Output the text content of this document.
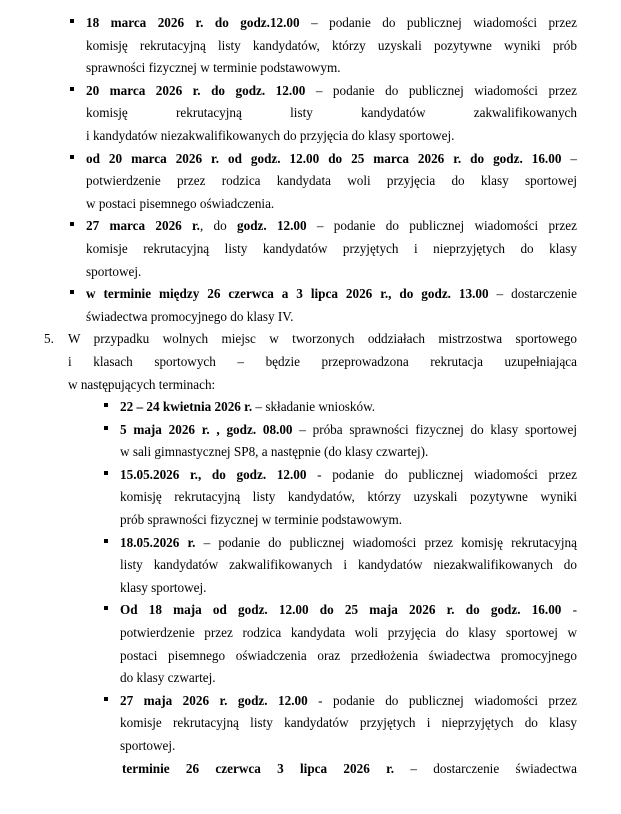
18 marca 2026 r. do godz.12.00 – podanie do publicznej wiadomości przez
komisję rekrutacyjną listy kandydatów, którzy uzyskali pozytywne wyniki prób
sprawności fizycznej w terminie podstawowym.
20 marca 2026 r. do godz. 12.00 – podanie do publicznej wiadomości przez
komisję rekrutacyjną listy kandydatów zakwalifikowanych
i kandydatów niezakwalifikowanych do przyjęcia do klasy sportowej.
od 20 marca 2026 r. od godz. 12.00 do 25 marca 2026 r. do godz. 16.00 –
potwierdzenie przez rodzica kandydata woli przyjęcia do klasy sportowej
w postaci pisemnego oświadczenia.
27 marca 2026 r., do godz. 12.00 – podanie do publicznej wiadomości przez
komisje rekrutacyjną listy kandydatów przyjętych i nieprzyjętych do klasy
sportowej.
w terminie między 26 czerwca a 3 lipca 2026 r., do godz. 13.00 – dostarczenie
świadectwa promocyjnego do klasy IV.
5. W przypadku wolnych miejsc w tworzonych oddziałach mistrzostwa sportowego
i klasach sportowych – będzie przeprowadzona rekrutacja uzupełniająca
w następujących terminach:
22 – 24 kwietnia 2026 r. – składanie wniosków.
5 maja 2026 r. , godz. 08.00 – próba sprawności fizycznej do klasy sportowej
w sali gimnastycznej SP8, a następnie (do klasy czwartej).
15.05.2026 r., do godz. 12.00 - podanie do publicznej wiadomości przez
komisję rekrutacyjną listy kandydatów, którzy uzyskali pozytywne wyniki
prób sprawności fizycznej w terminie podstawowym.
18.05.2026 r. – podanie do publicznej wiadomości przez komisję rekrutacyjną
listy kandydatów zakwalifikowanych i kandydatów niezakwalifikowanych do
klasy sportowej.
Od 18 maja od godz. 12.00 do 25 maja 2026 r. do godz. 16.00 -
potwierdzenie przez rodzica kandydata woli przyjęcia do klasy sportowej w
postaci pisemnego oświadczenia oraz przedłożenia świadectwa promocyjnego
do klasy czwartej.
27 maja 2026 r. godz. 12.00 - podanie do publicznej wiadomości przez
komisje rekrutacyjną listy kandydatów przyjętych i nieprzyjętych do klasy
sportowej.
terminie 26 czerwca 3 lipca 2026 r. – dostarczenie świadectwa
